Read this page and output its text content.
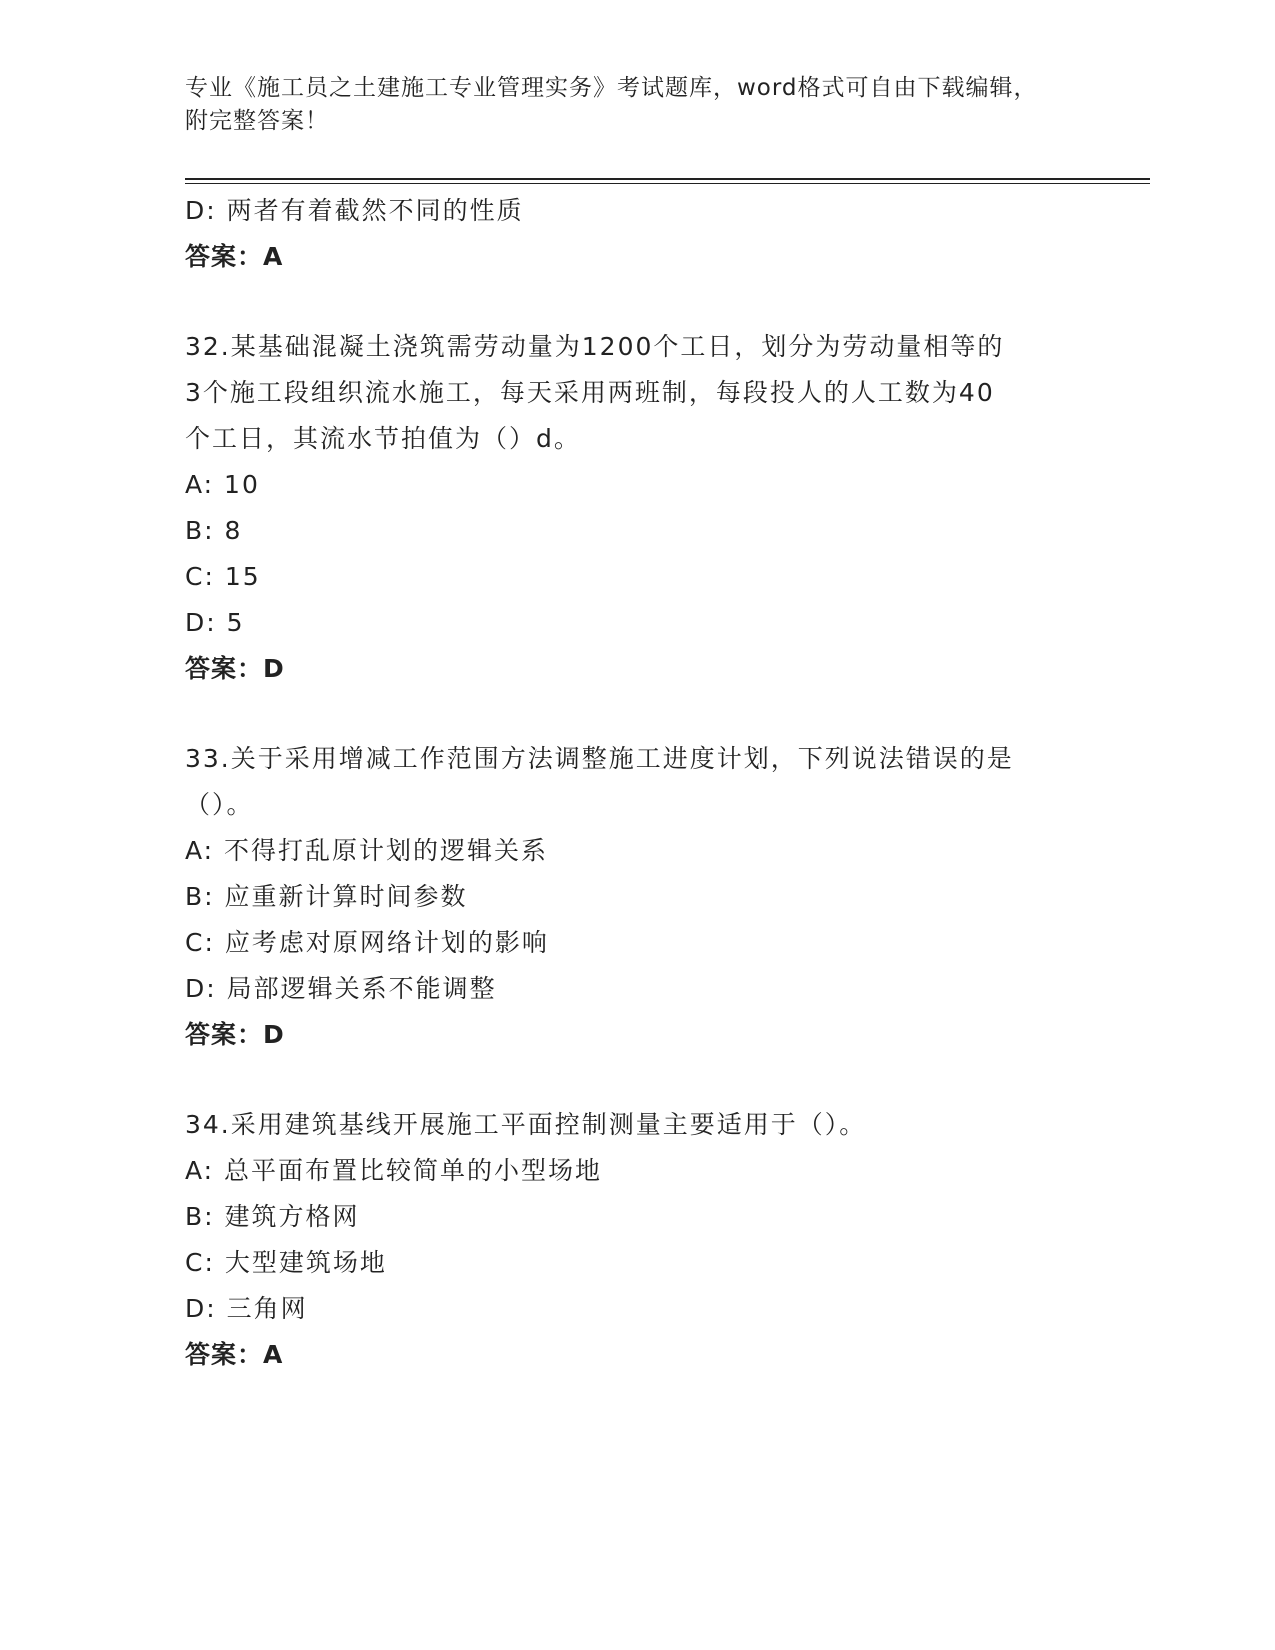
专业《施工员之土建施工专业管理实务》考试题库，word格式可自由下载编辑，
附完整答案！
D: 两者有着截然不同的性质
答案：A
32.某基础混凝土浇筑需劳动量为1200个工日，划分为劳动量相等的
3个施工段组织流水施工，每天采用两班制，每段投人的人工数为40
个工日，其流水节拍值为（）d。
A: 10
B: 8
C: 15
D: 5
答案：D
33.关于采用增减工作范围方法调整施工进度计划，下列说法错误的是
（）。
A: 不得打乱原计划的逻辑关系
B: 应重新计算时间参数
C: 应考虑对原网络计划的影响
D: 局部逻辑关系不能调整
答案：D
34.采用建筑基线开展施工平面控制测量主要适用于（）。
A: 总平面布置比较简单的小型场地
B: 建筑方格网
C: 大型建筑场地
D: 三角网
答案：A
